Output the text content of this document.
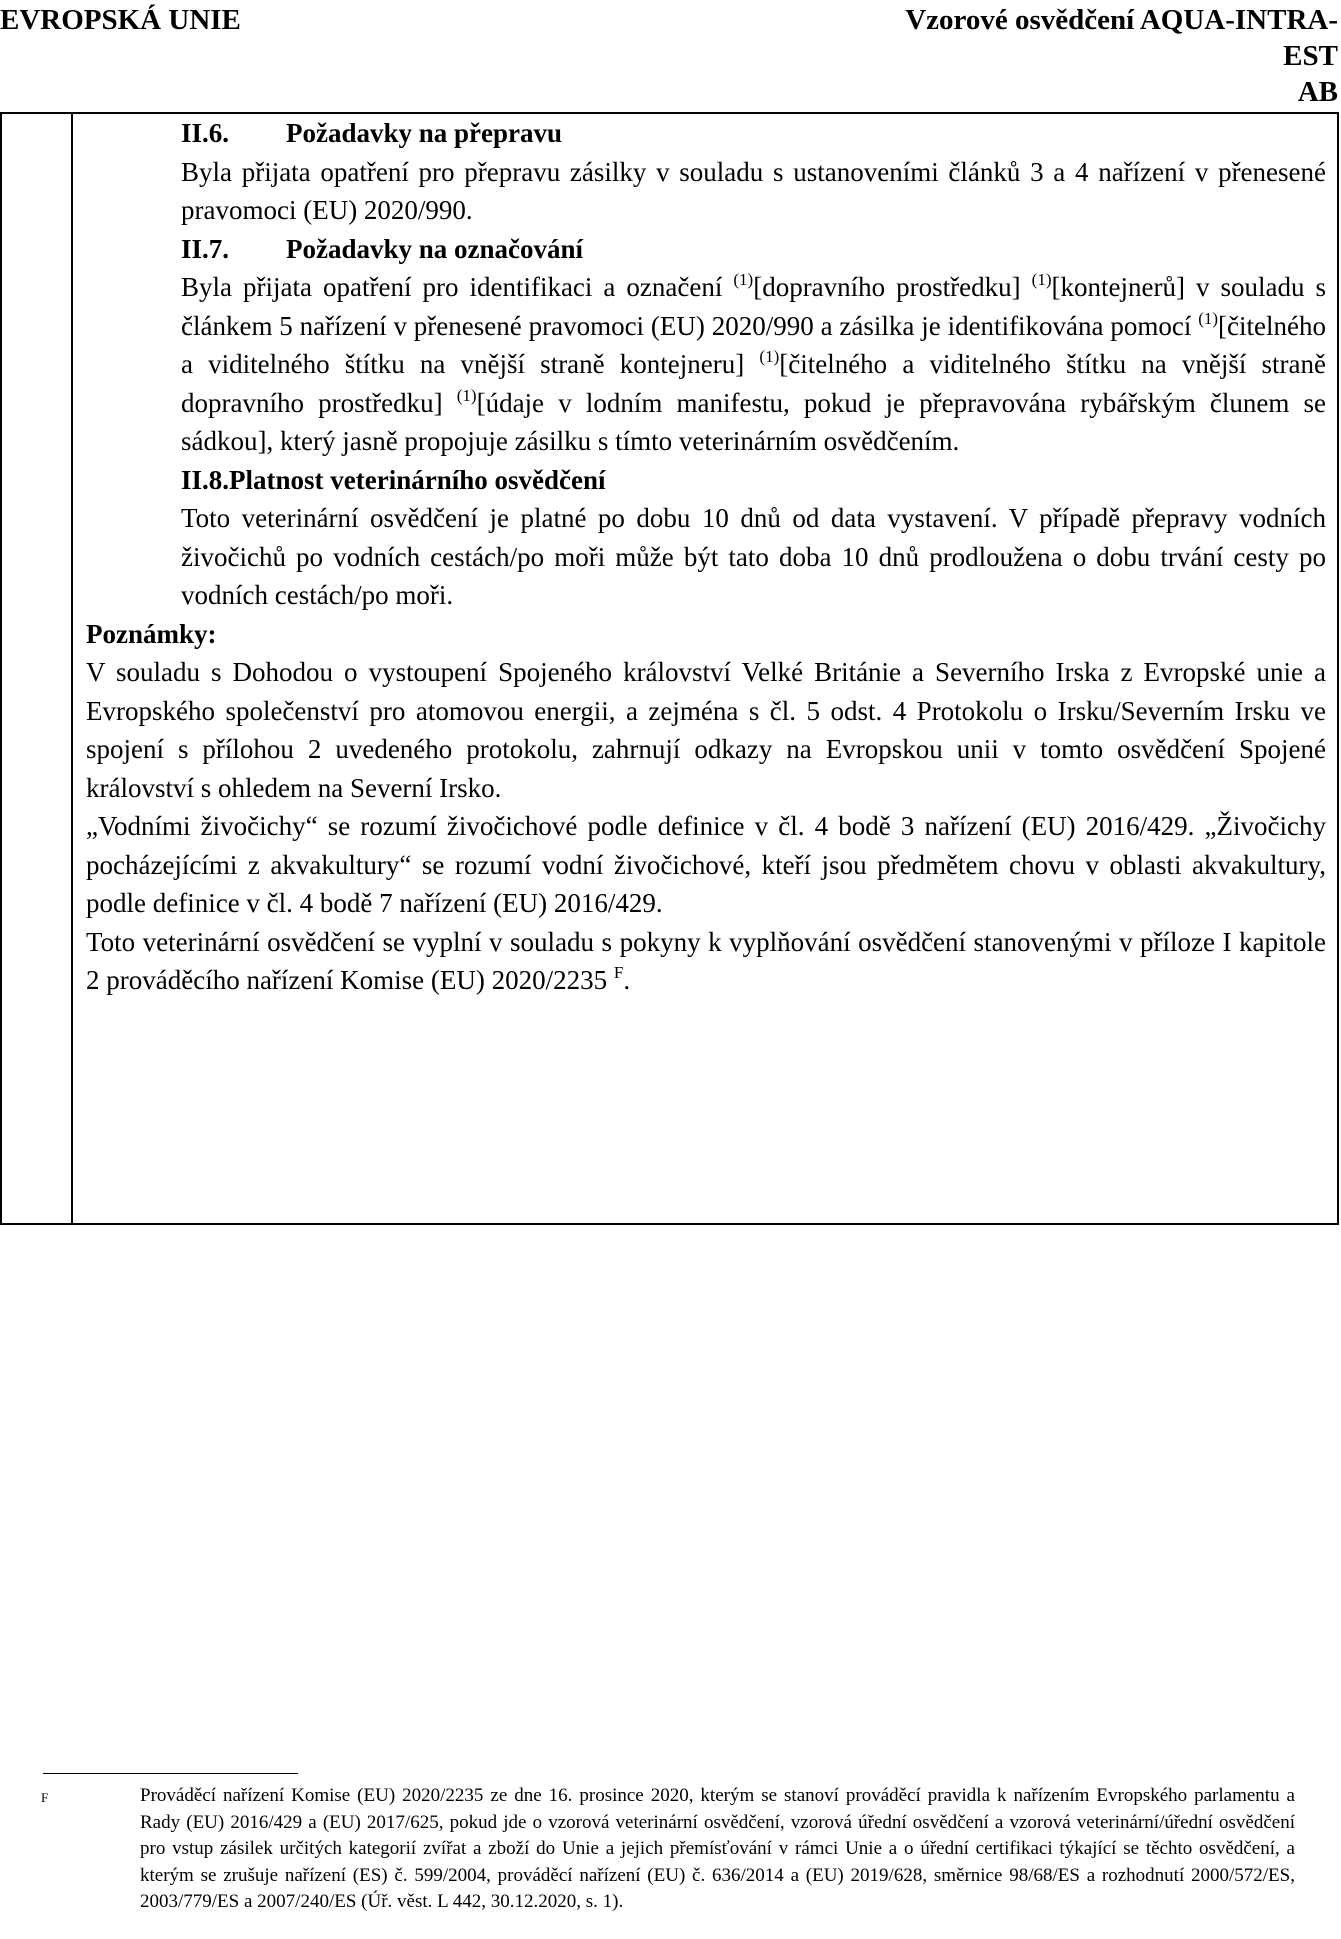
EVROPSKÁ UNIE	Vzorové osvědčení AQUA-INTRA-
EST
AB
II.6. Požadavky na přepravu
Byla přijata opatření pro přepravu zásilky v souladu s ustanoveními článků 3 a 4 nařízení v přenesené pravomoci (EU) 2020/990.
II.7. Požadavky na označování
Byla přijata opatření pro identifikaci a označení $^{(1)}$[dopravního prostředku] $^{(1)}$[kontejnerů] v souladu s článkem 5 nařízení v přenesené pravomoci (EU) 2020/990 a zásilka je identifikována pomocí $^{(1)}$[čitelného a viditelného štítku na vnější straně kontejneru] $^{(1)}$[čitelného a viditelného štítku na vnější straně dopravního prostředku] $^{(1)}$[údaje v lodním manifestu, pokud je přepravována rybářským člunem se sádkou], který jasně propojuje zásilku s tímto veterinárním osvědčením.
II.8.Platnost veterinárního osvědčení
Toto veterinární osvědčení je platné po dobu 10 dnů od data vystavení. V případě přepravy vodních živočichů po vodních cestách/po moři může být tato doba 10 dnů prodloužena o dobu trvání cesty po vodních cestách/po moři.
Poznámky:
V souladu s Dohodou o vystoupení Spojeného království Velké Británie a Severního Irska z Evropské unie a Evropského společenství pro atomovou energii, a zejména s čl. 5 odst. 4 Protokolu o Irsku/Severním Irsku ve spojení s přílohou 2 uvedeného protokolu, zahrnují odkazy na Evropskou unii v tomto osvědčení Spojené království s ohledem na Severní Irsko.
„Vodními živočichy“ se rozumí živočichové podle definice v čl. 4 bodě 3 nařízení (EU) 2016/429. „Živočichy pocházejícími z akvakultury“ se rozumí vodní živočichové, kteří jsou předmětem chovu v oblasti akvakultury, podle definice v čl. 4 bodě 7 nařízení (EU) 2016/429.
Toto veterinární osvědčení se vyplní v souladu s pokyny k vyplňování osvědčení stanovenými v příloze I kapitole 2 prováděcího nařízení Komise (EU) 2020/2235 $^F$.
F	Prováděcí nařízení Komise (EU) 2020/2235 ze dne 16. prosince 2020, kterým se stanoví prováděcí pravidla k nařízením Evropského parlamentu a Rady (EU) 2016/429 a (EU) 2017/625, pokud jde o vzorová veterinární osvědčení, vzorová úřední osvědčení a vzorová veterinární/úřední osvědčení pro vstup zásilek určitých kategorií zvířat a zboží do Unie a jejich přemísťování v rámci Unie a o úřední certifikaci týkající se těchto osvědčení, a kterým se zrušuje nařízení (ES) č. 599/2004, prováděcí nařízení (EU) č. 636/2014 a (EU) 2019/628, směrnice 98/68/ES a rozhodnutí 2000/572/ES, 2003/779/ES a 2007/240/ES (Úř. věst. L 442, 30.12.2020, s. 1).
